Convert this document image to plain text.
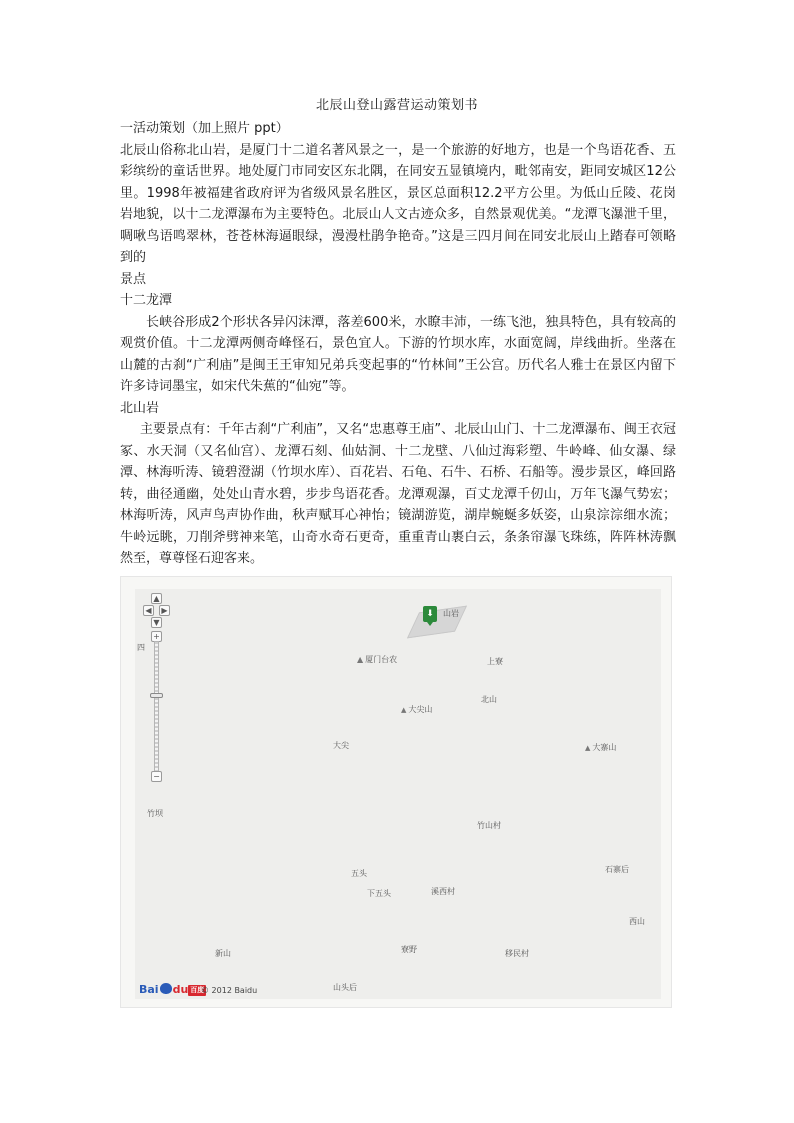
北辰山登山露营运动策划书

一活动策划（加上照片 ppt）

北辰山俗称北山岩，是厦门十二道名著风景之一，是一个旅游的好地方，也是一个鸟语花香、五彩缤纷的童话世界。地处厦门市同安区东北隅，在同安五显镇境内，毗邻南安，距同安城区12公里。1998年被福建省政府评为省级风景名胜区，景区总面积12.2平方公里。为低山丘陵、花岗岩地貌，以十二龙潭瀑布为主要特色。北辰山人文古迹众多，自然景观优美。“龙潭飞瀑泄千里，啁啾鸟语鸣翠林，苍苍林海逼眼绿，漫漫杜鹃争艳奇。”这是三四月间在同安北辰山上踏春可领略到的

景点

十二龙潭

长峡谷形成2个形状各异闪沫潭，落差600米，水瞭丰沛，一练飞池，独具特色，具有较高的观赏价值。十二龙潭两侧奇峰怪石，景色宜人。下游的竹坝水库，水面宽阔，岸线曲折。坐落在山麓的古刹“广利庙”是闽王王审知兄弟兵变起事的“竹林间”王公宫。历代名人雅士在景区内留下许多诗词墨宝，如宋代朱蕉的“仙宛”等。

北山岩

主要景点有：千年古刹“广利庙”，又名“忠惠尊王庙”、北辰山山门、十二龙潭瀑布、闽王衣冠冢、水天洞（又名仙宫）、龙潭石刻、仙姑洞、十二龙壁、八仙过海彩塑、牛岭峰、仙女瀑、绿潭、林海听涛、镜碧澄湖（竹坝水库）、百花岩、石龟、石牛、石桥、石船等。漫步景区，峰回路转，曲径通幽，处处山青水碧，步步鸟语花香。龙潭观瀑，百丈龙潭千仞山，万年飞瀑气势宏；林海听涛，风声鸟声协作曲，秋声赋耳心神怡；镜湖游览，湖岸蜿蜒多妖姿，山泉淙淙细水流；牛岭远眺，刀削斧劈神来笔，山奇水奇石更奇，重重青山裹白云，条条帘瀑飞珠练，阵阵林涛飘然至，尊尊怪石迎客来。

▲
◀	▶
▼
+
−
⬇	山岩
四
▲ 厦门台农	上寮
北山
▲ 大尖山
大尖	▲ 大寨山
竹坝
竹山村
五头	石寨后
下五头	溪西村
西山
新山	寮野	移民村
山头后
Bai du 百度
© 2012 Baidu
